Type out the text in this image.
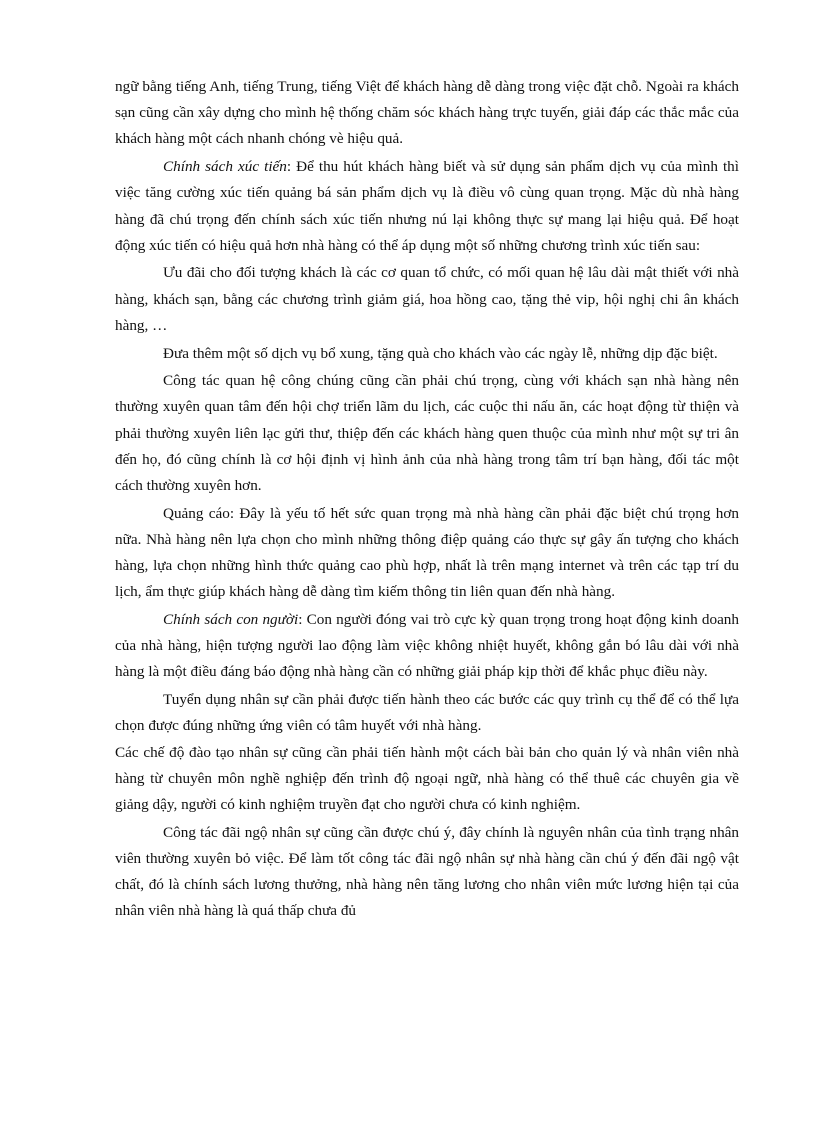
ngữ bằng tiếng Anh, tiếng Trung, tiếng Việt để khách hàng dễ dàng trong việc đặt chỗ. Ngoài ra khách sạn cũng cần xây dựng cho mình hệ thống chăm sóc khách hàng trực tuyến, giải đáp các thắc mắc của khách hàng một cách nhanh chóng vè hiệu quả.

Chính sách xúc tiến: Để thu hút khách hàng biết và sử dụng sản phẩm dịch vụ của mình thì việc tăng cường xúc tiến quảng bá sản phẩm dịch vụ là điều vô cùng quan trọng. Mặc dù nhà hàng hàng đã chú trọng đến chính sách xúc tiến nhưng nú lại không thực sự mang lại hiệu quả. Để hoạt động xúc tiến có hiệu quả hơn nhà hàng có thể áp dụng một số những chương trình xúc tiến sau:

Ưu đãi cho đối tượng khách là các cơ quan tổ chức, có mối quan hệ lâu dài mật thiết với nhà hàng, khách sạn, bằng các chương trình giảm giá, hoa hồng cao, tặng thẻ vip, hội nghị chi ân khách hàng, …

Đưa thêm một số dịch vụ bổ xung, tặng quà cho khách vào các ngày lễ, những dịp đặc biệt.

Công tác quan hệ công chúng cũng cần phải chú trọng, cùng với khách sạn nhà hàng nên thường xuyên quan tâm đến hội chợ triển lãm du lịch, các cuộc thi nấu ăn, các hoạt động từ thiện và phải thường xuyên liên lạc gửi thư, thiệp đến các khách hàng quen thuộc của mình như một sự tri ân đến họ, đó cũng chính là cơ hội định vị hình ảnh của nhà hàng trong tâm trí bạn hàng, đối tác một cách thường xuyên hơn.

Quảng cáo: Đây là yếu tố hết sức quan trọng mà nhà hàng cần phải đặc biệt chú trọng hơn nữa. Nhà hàng nên lựa chọn cho mình những thông điệp quảng cáo thực sự gây ấn tượng cho khách hàng, lựa chọn những hình thức quảng cao phù hợp, nhất là trên mạng internet và trên các tạp trí du lịch, ẩm thực giúp khách hàng dễ dàng tìm kiếm thông tin liên quan đến nhà hàng.

Chính sách con người: Con người đóng vai trò cực kỳ quan trọng trong hoạt động kinh doanh của nhà hàng, hiện tượng người lao động làm việc không nhiệt huyết, không gắn bó lâu dài với nhà hàng là một điều đáng báo động nhà hàng cần có những giải pháp kịp thời để khắc phục điều này.

Tuyển dụng nhân sự cần phải được tiến hành theo các bước các quy trình cụ thể để có thể lựa chọn được đúng những ứng viên có tâm huyết với nhà hàng.

Các chế độ đào tạo nhân sự cũng cần phải tiến hành một cách bài bản cho quản lý và nhân viên nhà hàng từ chuyên môn nghề nghiệp đến trình độ ngoại ngữ, nhà hàng có thể thuê các chuyên gia về giảng dậy, người có kinh nghiệm truyền đạt cho người chưa có kinh nghiệm.

Công tác đãi ngộ nhân sự cũng cần được chú ý, đây chính là nguyên nhân của tình trạng nhân viên thường xuyên bỏ việc. Để làm tốt công tác đãi ngộ nhân sự nhà hàng cần chú ý đến đãi ngộ vật chất, đó là chính sách lương thưởng, nhà hàng nên tăng lương cho nhân viên mức lương hiện tại của nhân viên nhà hàng là quá thấp chưa đủ
